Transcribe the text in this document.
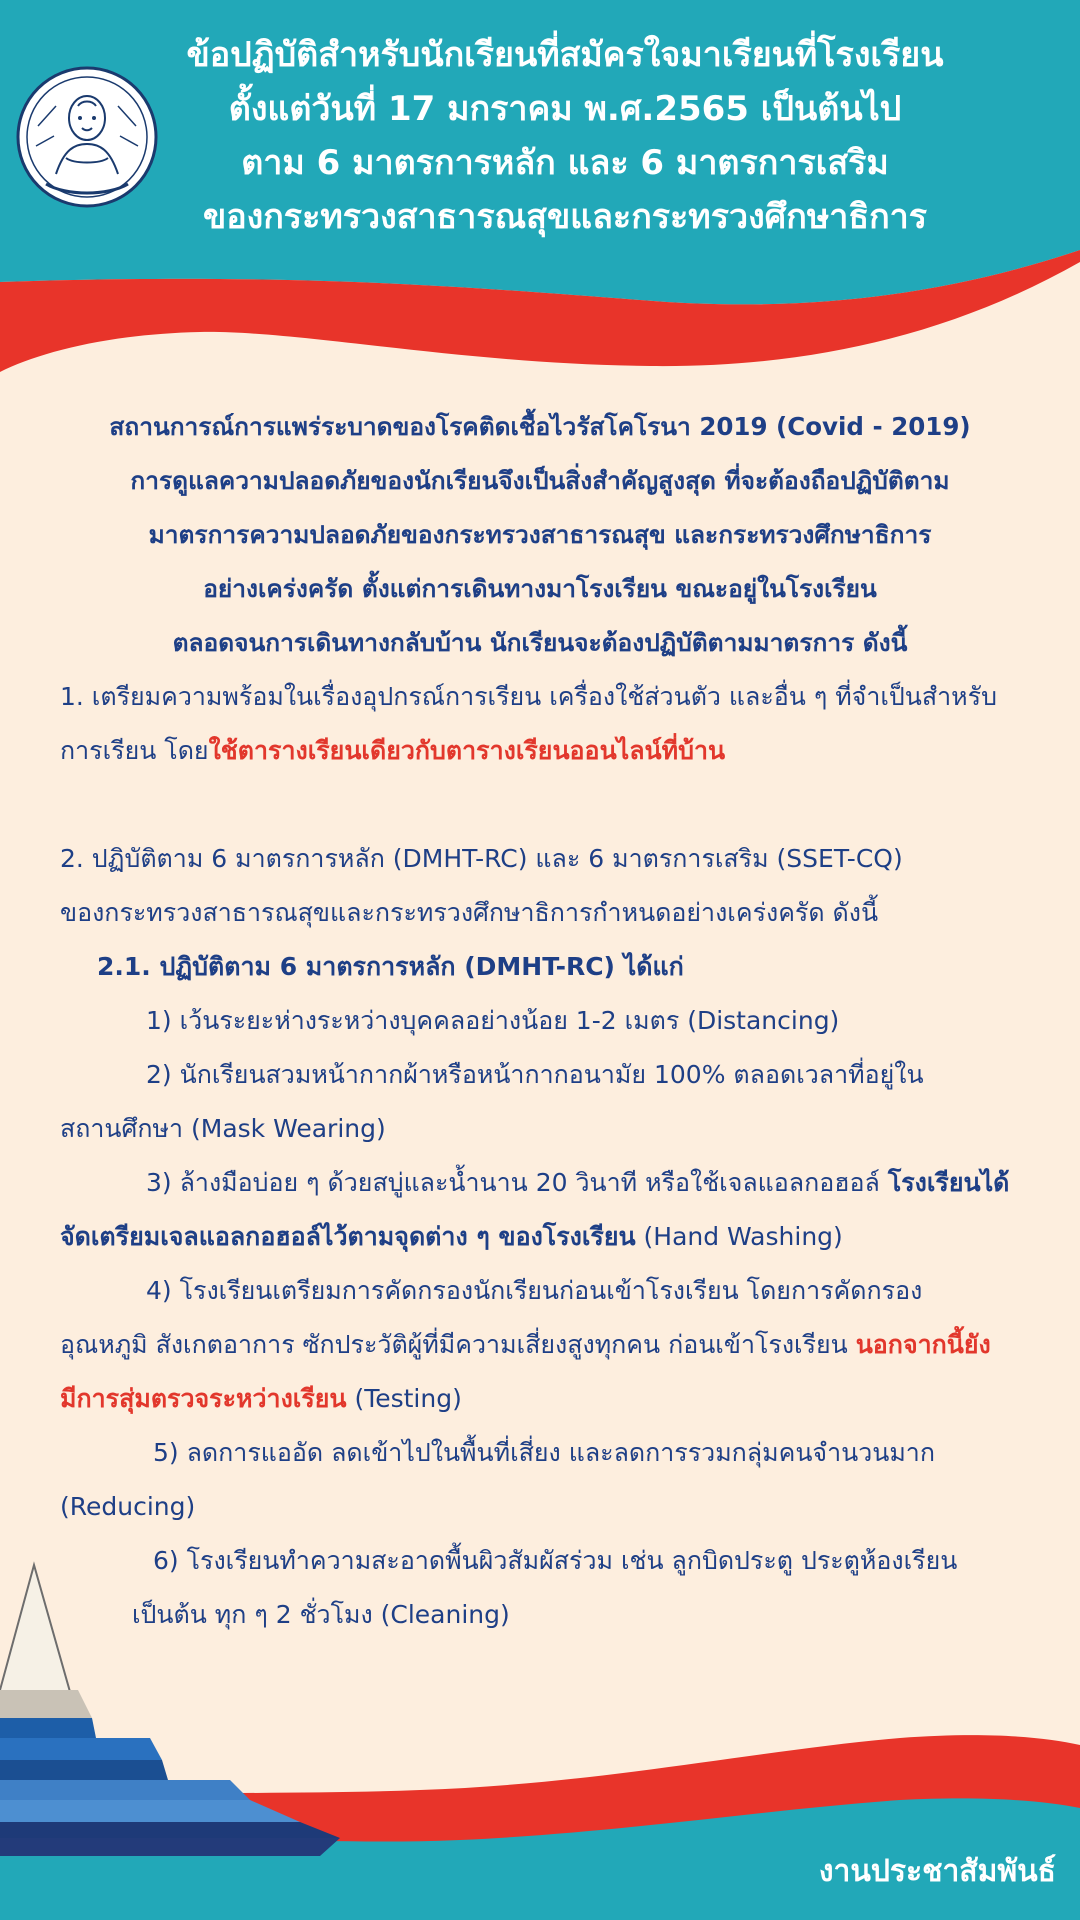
ข้อปฏิบัติสำหรับนักเรียนที่สมัครใจมาเรียนที่โรงเรียน
ตั้งแต่วันที่ 17 มกราคม พ.ศ.2565 เป็นต้นไป
ตาม 6 มาตรการหลัก และ 6 มาตรการเสริม
ของกระทรวงสาธารณสุขและกระทรวงศึกษาธิการ
สถานการณ์การแพร่ระบาดของโรคติดเชื้อไวรัสโคโรนา 2019 (Covid - 2019)
การดูแลความปลอดภัยของนักเรียนจึงเป็นสิ่งสำคัญสูงสุด ที่จะต้องถือปฏิบัติตาม
มาตรการความปลอดภัยของกระทรวงสาธารณสุข และกระทรวงศึกษาธิการ
อย่างเคร่งครัด ตั้งแต่การเดินทางมาโรงเรียน ขณะอยู่ในโรงเรียน
ตลอดจนการเดินทางกลับบ้าน นักเรียนจะต้องปฏิบัติตามมาตรการ ดังนี้
1. เตรียมความพร้อมในเรื่องอุปกรณ์การเรียน เครื่องใช้ส่วนตัว และอื่น ๆ ที่จำเป็นสำหรับ
การเรียน โดยใช้ตารางเรียนเดียวกับตารางเรียนออนไลน์ที่บ้าน
2. ปฏิบัติตาม 6 มาตรการหลัก (DMHT-RC) และ 6 มาตรการเสริม (SSET-CQ)
ของกระทรวงสาธารณสุขและกระทรวงศึกษาธิการกำหนดอย่างเคร่งครัด ดังนี้
2.1. ปฏิบัติตาม 6 มาตรการหลัก (DMHT-RC) ได้แก่
1) เว้นระยะห่างระหว่างบุคคลอย่างน้อย 1-2 เมตร (Distancing)
2) นักเรียนสวมหน้ากากผ้าหรือหน้ากากอนามัย 100% ตลอดเวลาที่อยู่ใน
สถานศึกษา (Mask Wearing)
3) ล้างมือบ่อย ๆ ด้วยสบู่และน้ำนาน 20 วินาที หรือใช้เจลแอลกอฮอล์ โรงเรียนได้
จัดเตรียมเจลแอลกอฮอล์ไว้ตามจุดต่าง ๆ ของโรงเรียน (Hand Washing)
4) โรงเรียนเตรียมการคัดกรองนักเรียนก่อนเข้าโรงเรียน โดยการคัดกรอง
อุณหภูมิ สังเกตอาการ ซักประวัติผู้ที่มีความเสี่ยงสูงทุกคน ก่อนเข้าโรงเรียน นอกจากนี้ยัง
มีการสุ่มตรวจระหว่างเรียน (Testing)
5) ลดการแออัด ลดเข้าไปในพื้นที่เสี่ยง และลดการรวมกลุ่มคนจำนวนมาก
(Reducing)
6) โรงเรียนทำความสะอาดพื้นผิวสัมผัสร่วม เช่น ลูกบิดประตู ประตูห้องเรียน
เป็นต้น ทุก ๆ 2 ชั่วโมง (Cleaning)
งานประชาสัมพันธ์
